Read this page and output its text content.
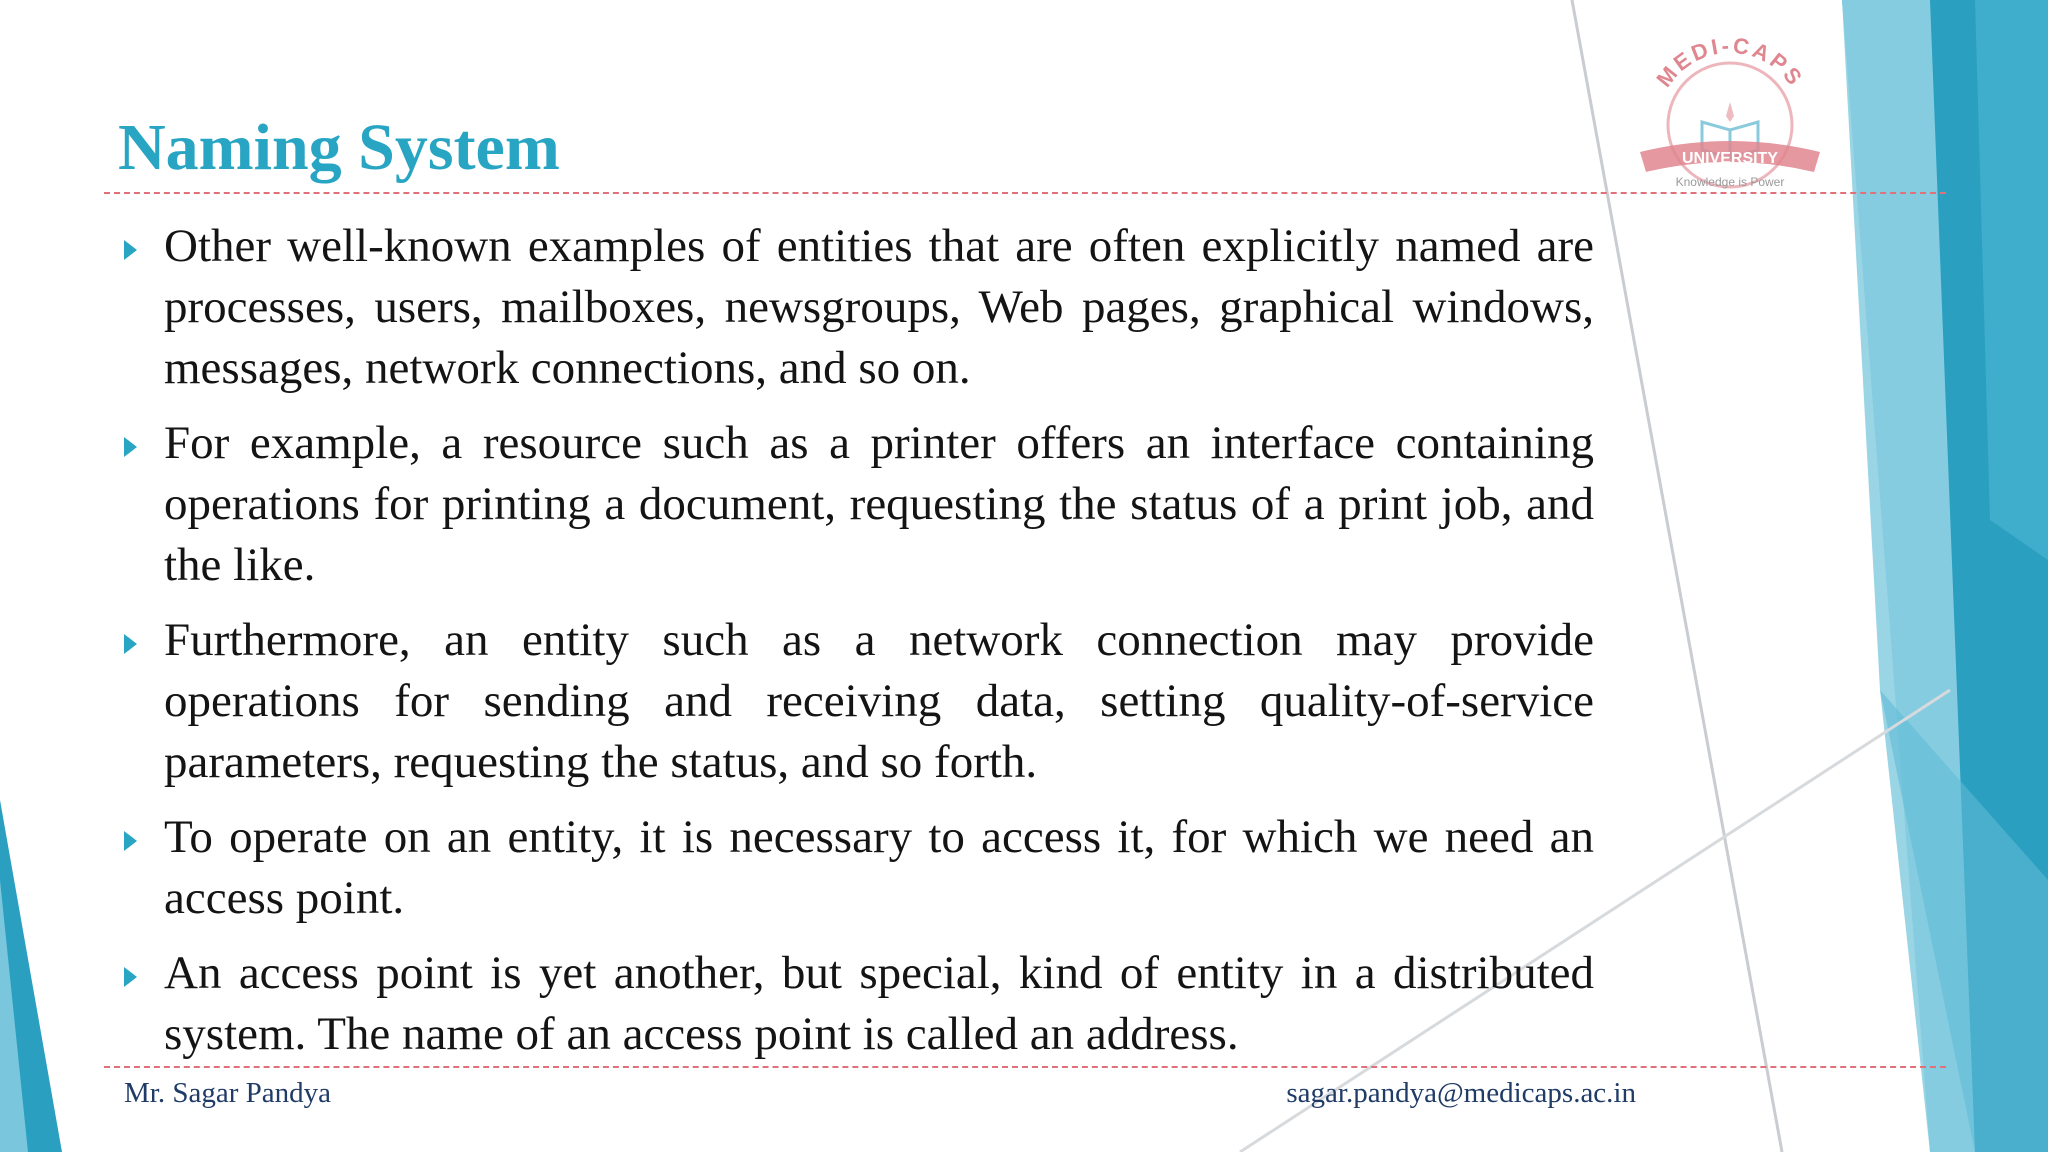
MEDI-CAPS
UNIVERSITY
Knowledge is Power
Naming System
Other well-known examples of entities that are often explicitly named are processes, users, mailboxes, newsgroups, Web pages, graphical windows, messages, network connections, and so on.
For example, a resource such as a printer offers an interface containing operations for printing a document, requesting the status of a print job, and the like.
Furthermore, an entity such as a network connection may provide operations for sending and receiving data, setting quality-of-service parameters, requesting the status, and so forth.
To operate on an entity, it is necessary to access it, for which we need an access point.
An access point is yet another, but special, kind of entity in a distributed system. The name of an access point is called an address.
Mr. Sagar Pandya	sagar.pandya@medicaps.ac.in
